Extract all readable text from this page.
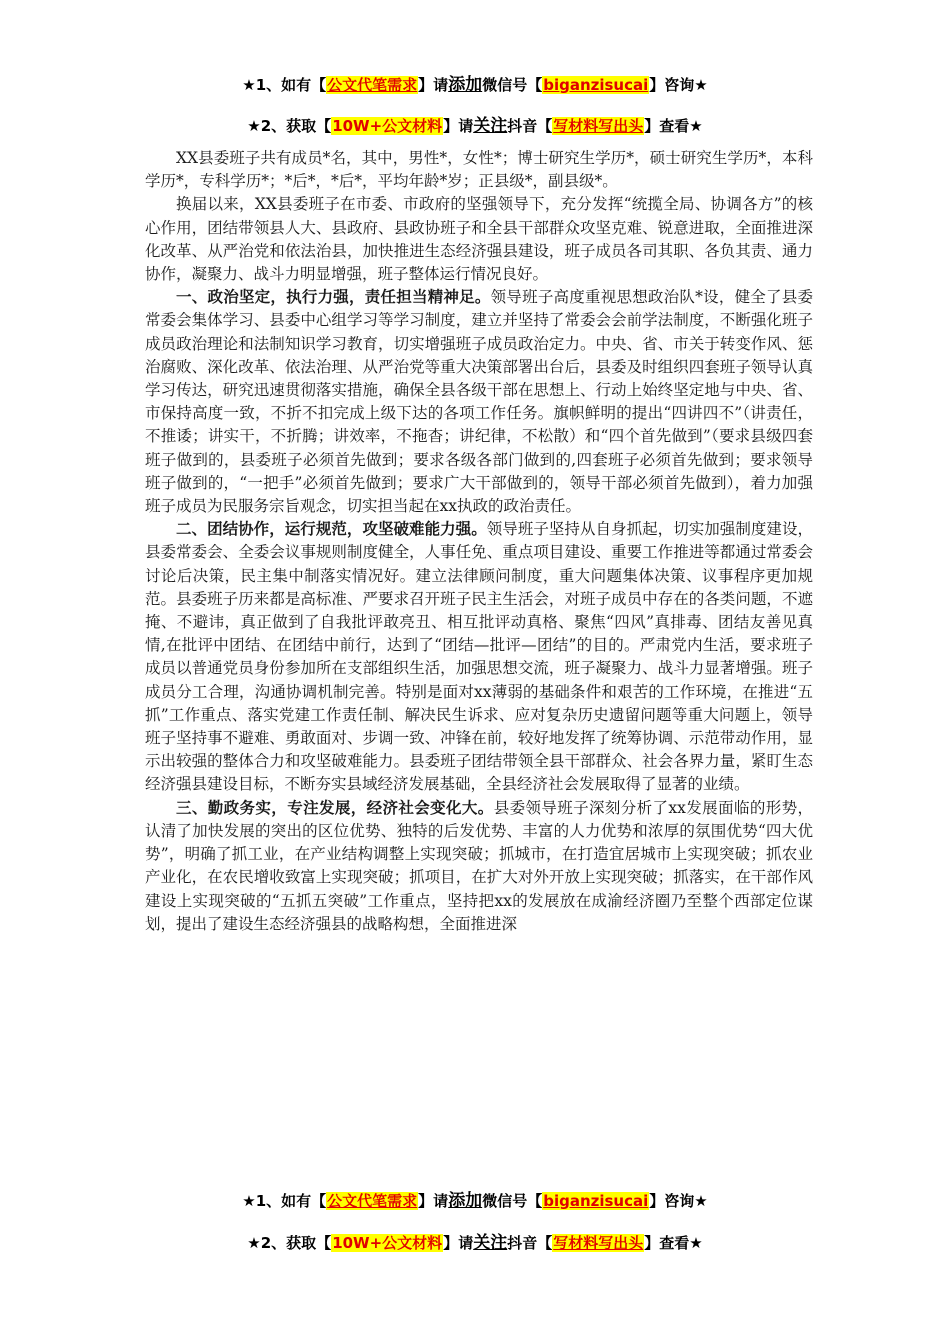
★1、如有【公文代笔需求】请添加微信号【biganzisucai】咨询★
★2、获取【10W+公文材料】请关注抖音【写材料写出头】查看★

XX县委班子共有成员*名，其中，男性*，女性*；博士研究生学历*，硕士研究生学历*，本科学历*，专科学历*；*后*，*后*，平均年龄*岁；正县级*，副县级*。

换届以来，XX县委班子在市委、市政府的坚强领导下，充分发挥“统揽全局、协调各方”的核心作用，团结带领县人大、县政府、县政协班子和全县干部群众攻坚克难、锐意进取，全面推进深化改革、从严治党和依法治县，加快推进生态经济强县建设，班子成员各司其职、各负其责、通力协作，凝聚力、战斗力明显增强，班子整体运行情况良好。

一、政治坚定，执行力强，责任担当精神足。领导班子高度重视思想政治队*设，健全了县委常委会集体学习、县委中心组学习等学习制度，建立并坚持了常委会会前学法制度，不断强化班子成员政治理论和法制知识学习教育，切实增强班子成员政治定力。中央、省、市关于转变作风、惩治腐败、深化改革、依法治理、从严治党等重大决策部署出台后，县委及时组织四套班子领导认真学习传达，研究迅速贯彻落实措施，确保全县各级干部在思想上、行动上始终坚定地与中央、省、市保持高度一致，不折不扣完成上级下达的各项工作任务。旗帜鲜明的提出“四讲四不”（讲责任，不推诿；讲实干，不折腾；讲效率，不拖杳；讲纪律，不松散）和“四个首先做到”（要求县级四套班子做到的，县委班子必须首先做到；要求各级各部门做到的,四套班子必须首先做到；要求领导班子做到的，“一把手”必须首先做到；要求广大干部做到的，领导干部必须首先做到），着力加强班子成员为民服务宗旨观念，切实担当起在xx执政的政治责任。

二、团结协作，运行规范，攻坚破难能力强。领导班子坚持从自身抓起，切实加强制度建设，县委常委会、全委会议事规则制度健全，人事任免、重点项目建设、重要工作推进等都通过常委会讨论后决策，民主集中制落实情况好。建立法律顾问制度，重大问题集体决策、议事程序更加规范。县委班子历来都是高标准、严要求召开班子民主生活会，对班子成员中存在的各类问题，不遮掩、不避讳，真正做到了自我批评敢亮丑、相互批评动真格、聚焦“四风”真排毒、团结友善见真情,在批评中团结、在团结中前行，达到了“团结—批评—团结”的目的。严肃党内生活，要求班子成员以普通党员身份参加所在支部组织生活，加强思想交流，班子凝聚力、战斗力显著增强。班子成员分工合理，沟通协调机制完善。特别是面对xx薄弱的基础条件和艰苦的工作环境，在推进“五抓”工作重点、落实党建工作责任制、解决民生诉求、应对复杂历史遗留问题等重大问题上，领导班子坚持事不避难、勇敢面对、步调一致、冲锋在前，较好地发挥了统筹协调、示范带动作用，显示出较强的整体合力和攻坚破难能力。县委班子团结带领全县干部群众、社会各界力量，紧盯生态经济强县建设目标，不断夯实县域经济发展基础，全县经济社会发展取得了显著的业绩。

三、勤政务实，专注发展，经济社会变化大。县委领导班子深刻分析了xx发展面临的形势，认清了加快发展的突出的区位优势、独特的后发优势、丰富的人力优势和浓厚的氛围优势“四大优势”，明确了抓工业，在产业结构调整上实现突破；抓城市，在打造宜居城市上实现突破；抓农业产业化，在农民增收致富上实现突破；抓项目，在扩大对外开放上实现突破；抓落实，在干部作风建设上实现突破的“五抓五突破”工作重点，坚持把xx的发展放在成渝经济圈乃至整个西部定位谋划，提出了建设生态经济强县的战略构想，全面推进深

★1、如有【公文代笔需求】请添加微信号【biganzisucai】咨询★
★2、获取【10W+公文材料】请关注抖音【写材料写出头】查看★
